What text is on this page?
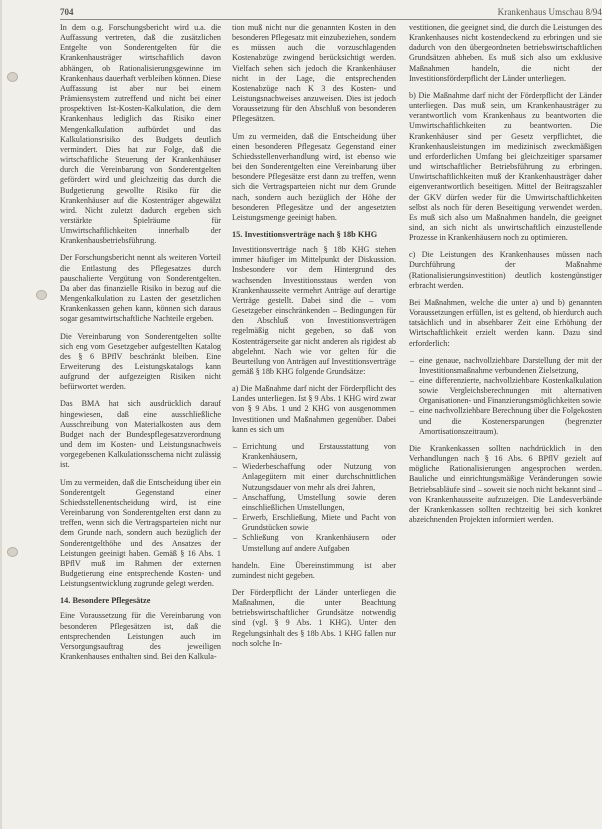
704	Krankenhaus Umschau 8/94

In dem o.g. Forschungsbericht wird u.a. die Auffassung vertreten, daß die zusätzlichen Entgelte von Sonderentgelten für die Krankenhausträger wirtschaftlich davon abhängen, ob Rationalisierungsgewinne im Krankenhaus dauerhaft verbleiben können. Diese Auffassung ist aber nur bei einem Prämiensystem zutreffend und nicht bei einer prospektiven Ist-Kosten-Kalkulation, die dem Krankenhaus lediglich das Risiko einer Mengenkalkulation aufbürdet und das Kalkulationsrisiko des Budgets deutlich vermindert. Dies hat zur Folge, daß die wirtschaftliche Steuerung der Krankenhäuser durch die Vereinbarung von Sonderentgelten gefördert wird und gleichzeitig das durch die Budgetierung gewollte Risiko für die Krankenhäuser auf die Kostenträger abgewälzt wird. Nicht zuletzt dadurch ergeben sich verstärkte Spielräume für Umwirtschaftlichkeiten innerhalb der Krankenhausbetriebsführung.

Der Forschungsbericht nennt als weiteren Vorteil die Entlastung des Pflegesatzes durch pauschalierte Vergütung von Sonderentgelten. Da aber das finanzielle Risiko in bezug auf die Mengenkalkulation zu Lasten der gesetzlichen Krankenkassen gehen kann, können sich daraus sogar gesamtwirtschaftliche Nachteile ergeben.

Die Vereinbarung von Sonderentgelten sollte sich eng vom Gesetzgeber aufgestellten Katalog des § 6 BPflV beschränkt bleiben. Eine Erweiterung des Leistungskatalogs kann aufgrund der aufgezeigten Risiken nicht befürwortet werden.

Das BMA hat sich ausdrücklich darauf hingewiesen, daß eine ausschließliche Ausschreibung von Materialkosten aus dem Budget nach der Bundespflegesatzverordnung und dem im Kosten- und Leistungsnachweis vorgegebenen Kalkulationsschema nicht zulässig ist.

Um zu vermeiden, daß die Entscheidung über ein Sonderentgelt Gegenstand einer Schiedsstellenentscheidung wird, ist eine Vereinbarung von Sonderentgelten erst dann zu treffen, wenn sich die Vertragsparteien nicht nur dem Grunde nach, sondern auch bezüglich der Sonderentgelthöhe und des Ansatzes der Leistungen geeinigt haben. Gemäß § 16 Abs. 1 BPflV muß im Rahmen der externen Budgetierung eine entsprechende Kosten- und Leistungsentwicklung zugrunde gelegt werden.

14. Besondere Pflegesätze

Eine Voraussetzung für die Vereinbarung von besonderen Pflegesätzen ist, daß die entsprechenden Leistungen auch im Versorgungsauftrag des jeweiligen Krankenhauses enthalten sind. Bei den Kalkula-

tion muß nicht nur die genannten Kosten in den besonderen Pflegesatz mit einzubeziehen, sondern es müssen auch die vorzuschlagenden Kostenabzüge zwingend berücksichtigt werden. Vielfach sehen sich jedoch die Krankenhäuser nicht in der Lage, die entsprechenden Kostenabzüge nach K 3 des Kosten- und Leistungsnachweises anzuweisen. Dies ist jedoch Voraussetzung für den Abschluß von besonderen Pflegesätzen.

Um zu vermeiden, daß die Entscheidung über einen besonderen Pflegesatz Gegenstand einer Schiedsstellenverhandlung wird, ist ebenso wie bei den Sonderentgelten eine Vereinbarung über besondere Pflegesätze erst dann zu treffen, wenn sich die Vertragsparteien nicht nur dem Grunde nach, sondern auch bezüglich der Höhe der besonderen Pflegesätze und der angesetzten Leistungsmenge geeinigt haben.

15. Investitionsverträge nach § 18b KHG

Investitionsverträge nach § 18b KHG stehen immer häufiger im Mittelpunkt der Diskussion. Insbesondere vor dem Hintergrund des wachsenden Investitionsstaus werden von Krankenhausseite vermehrt Anträge auf derartige Verträge gestellt. Dabei sind die – vom Gesetzgeber einschränkenden – Bedingungen für den Abschluß von Investitionsverträgen regelmäßig nicht gegeben, so daß von Kostenträgerseite gar nicht anderen als rigidest ab abgelehnt. Nach wie vor gelten für die Beurteilung von Anträgen auf Investitionsverträge gemäß § 18b KHG folgende Grundsätze:

a) Die Maßnahme darf nicht der Förderpflicht des Landes unterliegen. Ist § 9 Abs. 1 KHG wird zwar von § 9 Abs. 1 und 2 KHG von ausgenommen Investitionen und Maßnahmen gegenüber. Dabei kann es sich um

– Errichtung und Erstausstattung von Krankenhäusern,
– Wiederbeschaffung oder Nutzung von Anlagegütern mit einer durchschnittlichen Nutzungsdauer von mehr als drei Jahren,
– Anschaffung, Umstellung sowie deren einschließlichen Umstellungen,
– Erwerb, Erschließung, Miete und Pacht von Grundstücken sowie
– Schließung von Krankenhäusern oder Umstellung auf andere Aufgaben

handeln. Eine Übereinstimmung ist aber zumindest nicht gegeben.

Der Förderpflicht der Länder unterliegen die Maßnahmen, die unter Beachtung betriebswirtschaftlicher Grundsätze notwendig sind (vgl. § 9 Abs. 1 KHG). Unter den Regelungsinhalt des § 18b Abs. 1 KHG fallen nur noch solche In-

vestitionen, die geeignet sind, die durch die Leistungen des Krankenhauses nicht kostendeckend zu erbringen und sie dadurch von den übergeordneten betriebswirtschaftlichen Grundsätzen abheben. Es muß sich also um exklusive Maßnahmen handeln, die nicht der Investitionsförderpflicht der Länder unterliegen.

b) Die Maßnahme darf nicht der Förderpflicht der Länder unterliegen. Das muß sein, um Krankenhausträger zu verantwortlich vom Krankenhaus zu beantworten die Umwirtschaftlichkeiten zu beantworten. Die Krankenhäuser sind per Gesetz verpflichtet, die Krankenhausleistungen im medizinisch zweckmäßigen und erforderlichen Umfang bei gleichzeitiger sparsamer und wirtschaftlicher Betriebsführung zu erbringen. Unwirtschaftlichkeiten muß der Krankenhausträger daher eigenverantwortlich beseitigen. Mittel der Beitragszahler der GKV dürfen weder für die Umwirtschaftlichkeiten selbst als noch für deren Beseitigung verwendet werden. Es muß sich also um Maßnahmen handeln, die geeignet sind, an sich nicht als unwirtschaftlich einzustellende Prozesse in Krankenhäusern noch zu optimieren.

c) Die Leistungen des Krankenhauses müssen nach Durchführung der Maßnahme (Rationalisierungsinvestition) deutlich kostengünstiger erbracht werden.

Bei Maßnahmen, welche die unter a) und b) genannten Voraussetzungen erfüllen, ist es geltend, ob hierdurch auch tatsächlich und in absehbarer Zeit eine Erhöhung der Wirtschaftlichkeit erzielt werden kann. Dazu sind erforderlich:

– eine genaue, nachvollziehbare Darstellung der mit der Investitionsmaßnahme verbundenen Zielsetzung,
– eine differenzierte, nachvollziehbare Kostenkalkulation sowie Vergleichsberechnungen mit alternativen Organisationen- und Finanzierungsmöglichkeiten sowie
– eine nachvollziehbare Berechnung über die Folgekosten und die Kostenersparungen (begrenzter Amortisationszeitraum).

Die Krankenkassen sollten nachdrücklich in den Verhandlungen nach § 16 Abs. 6 BPflV gezielt auf mögliche Rationalisierungen angesprochen werden. Bauliche und einrichtungsmäßige Veränderungen sowie Betriebsabläufe sind – soweit sie noch nicht bekannt sind – von Krankenhausseite aufzuzeigen. Die Landesverbände der Krankenkassen sollten rechtzeitig bei sich konkret abzeichnenden Projekten informiert werden.
